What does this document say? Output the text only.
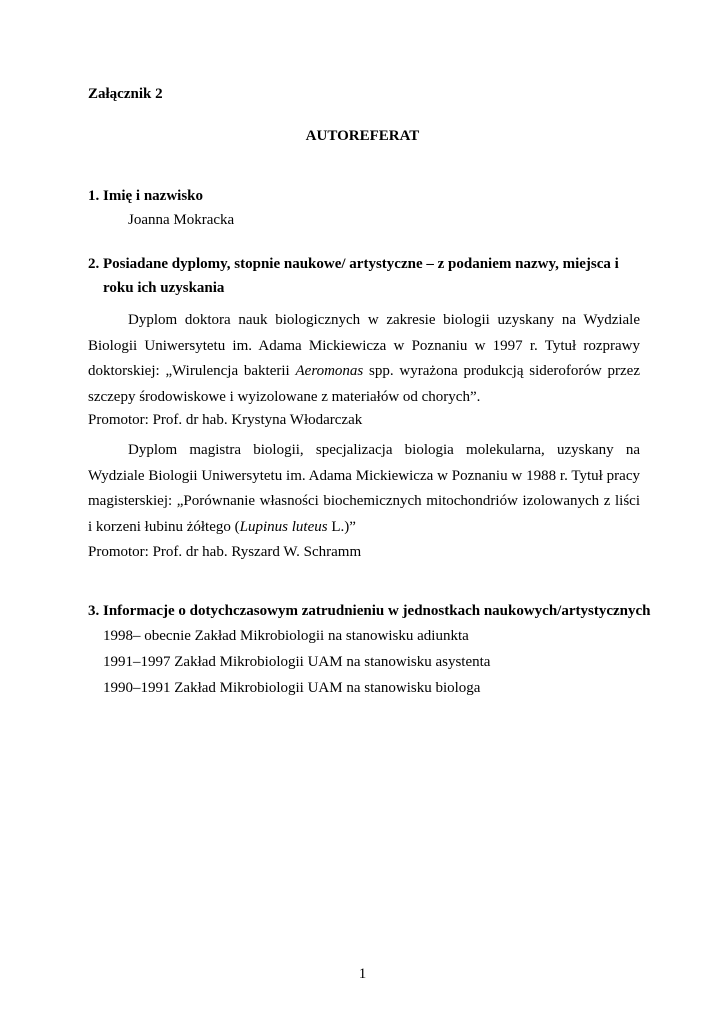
Załącznik 2
AUTOREFERAT
1. Imię i nazwisko
Joanna Mokracka
2. Posiadane dyplomy, stopnie naukowe/ artystyczne – z podaniem nazwy, miejsca i
roku ich uzyskania
Dyplom doktora nauk biologicznych w zakresie biologii uzyskany na Wydziale Biologii Uniwersytetu im. Adama Mickiewicza w Poznaniu w 1997 r. Tytuł rozprawy doktorskiej: „Wirulencja bakterii Aeromonas spp. wyrażona produkcją sideroforów przez szczepy środowiskowe i wyizolowane z materiałów od chorych”.
Promotor: Prof. dr hab. Krystyna Włodarczak
Dyplom magistra biologii, specjalizacja biologia molekularna, uzyskany na Wydziale Biologii Uniwersytetu im. Adama Mickiewicza w Poznaniu w 1988 r. Tytuł pracy magisterskiej: „Porównanie własności biochemicznych mitochondriów izolowanych z liści i korzeni łubinu żółtego (Lupinus luteus L.)”
Promotor: Prof. dr hab. Ryszard W. Schramm
3. Informacje o dotychczasowym zatrudnieniu w jednostkach naukowych/artystycznych
1998– obecnie Zakład Mikrobiologii na stanowisku adiunkta
1991–1997 Zakład Mikrobiologii UAM na stanowisku asystenta
1990–1991 Zakład Mikrobiologii UAM na stanowisku biologa
1
